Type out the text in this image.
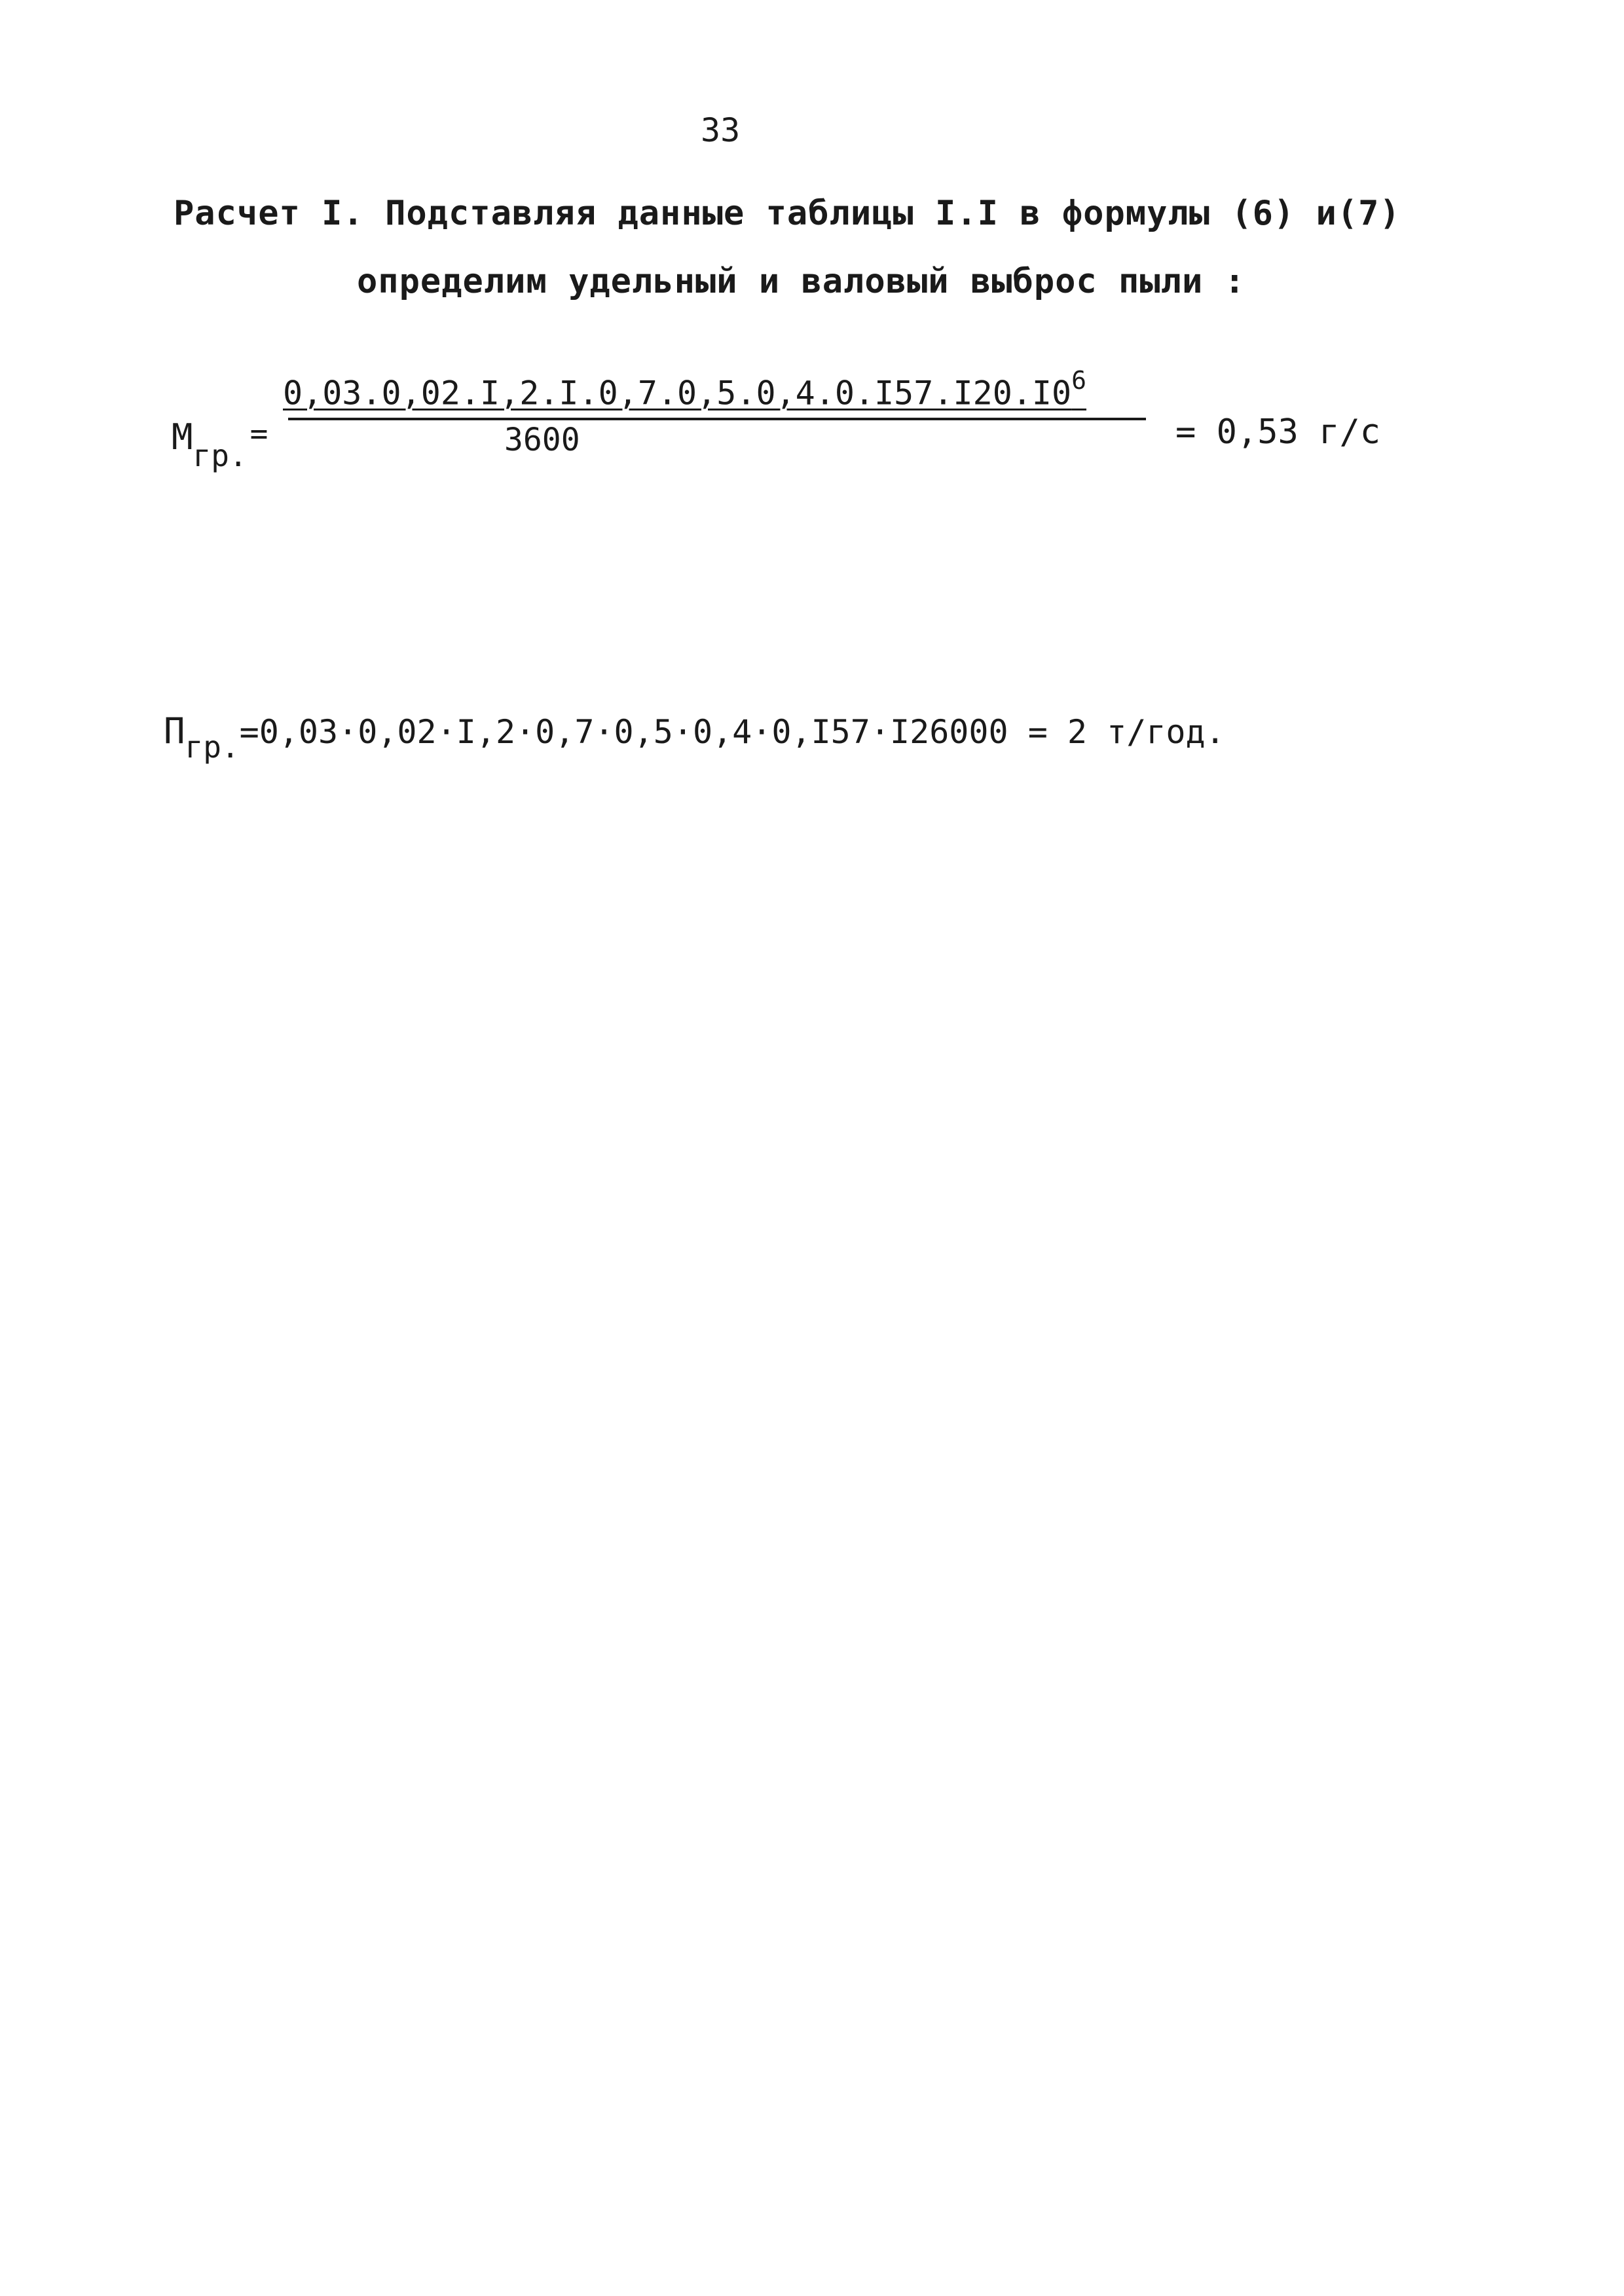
33
Расчет I. Подставляя данные таблицы I.I в формулы (6) и(7)
определим удельный и валовый выброс пыли :
$Мгр.= \frac{0,03.0,02.I,2.I.0,7.0,5.0,4.0.I57.I20.I0^6}{3600} = 0,53$ г/с
Пгр.=0,03·0,02·I,2·0,7·0,5·0,4·0,I57·I26000 = 2 т/год.
